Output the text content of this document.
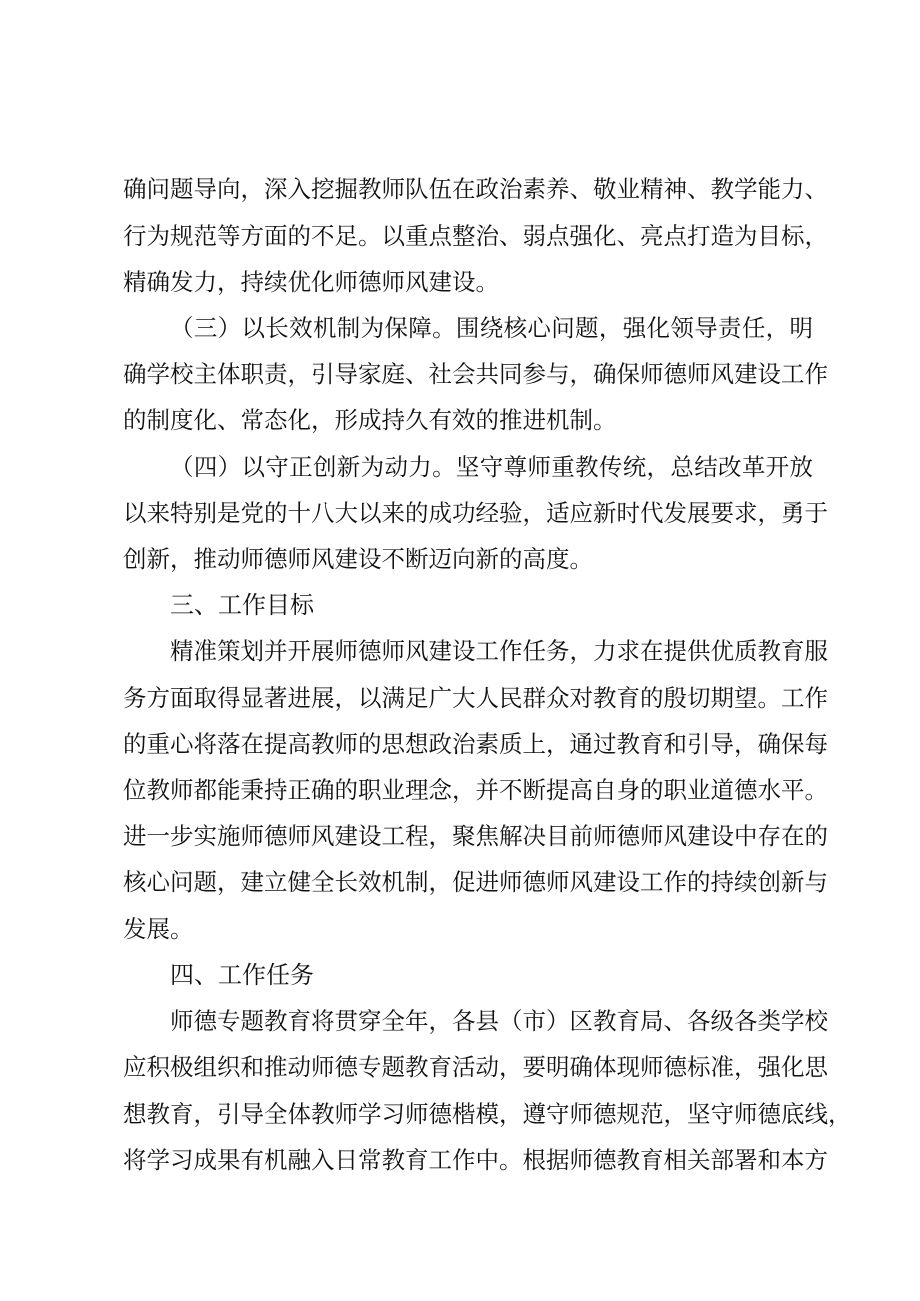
确问题导向，深入挖掘教师队伍在政治素养、敬业精神、教学能力、
行为规范等方面的不足。以重点整治、弱点强化、亮点打造为目标，
精确发力，持续优化师德师风建设。
（三）以长效机制为保障。围绕核心问题，强化领导责任，明
确学校主体职责，引导家庭、社会共同参与，确保师德师风建设工作
的制度化、常态化，形成持久有效的推进机制。
（四）以守正创新为动力。坚守尊师重教传统，总结改革开放
以来特别是党的十八大以来的成功经验，适应新时代发展要求，勇于
创新，推动师德师风建设不断迈向新的高度。
三、工作目标
精准策划并开展师德师风建设工作任务，力求在提供优质教育服
务方面取得显著进展，以满足广大人民群众对教育的殷切期望。工作
的重心将落在提高教师的思想政治素质上，通过教育和引导，确保每
位教师都能秉持正确的职业理念，并不断提高自身的职业道德水平。
进一步实施师德师风建设工程，聚焦解决目前师德师风建设中存在的
核心问题，建立健全长效机制，促进师德师风建设工作的持续创新与
发展。
四、工作任务
师德专题教育将贯穿全年，各县（市）区教育局、各级各类学校
应积极组织和推动师德专题教育活动，要明确体现师德标准，强化思
想教育，引导全体教师学习师德楷模，遵守师德规范，坚守师德底线，
将学习成果有机融入日常教育工作中。根据师德教育相关部署和本方
